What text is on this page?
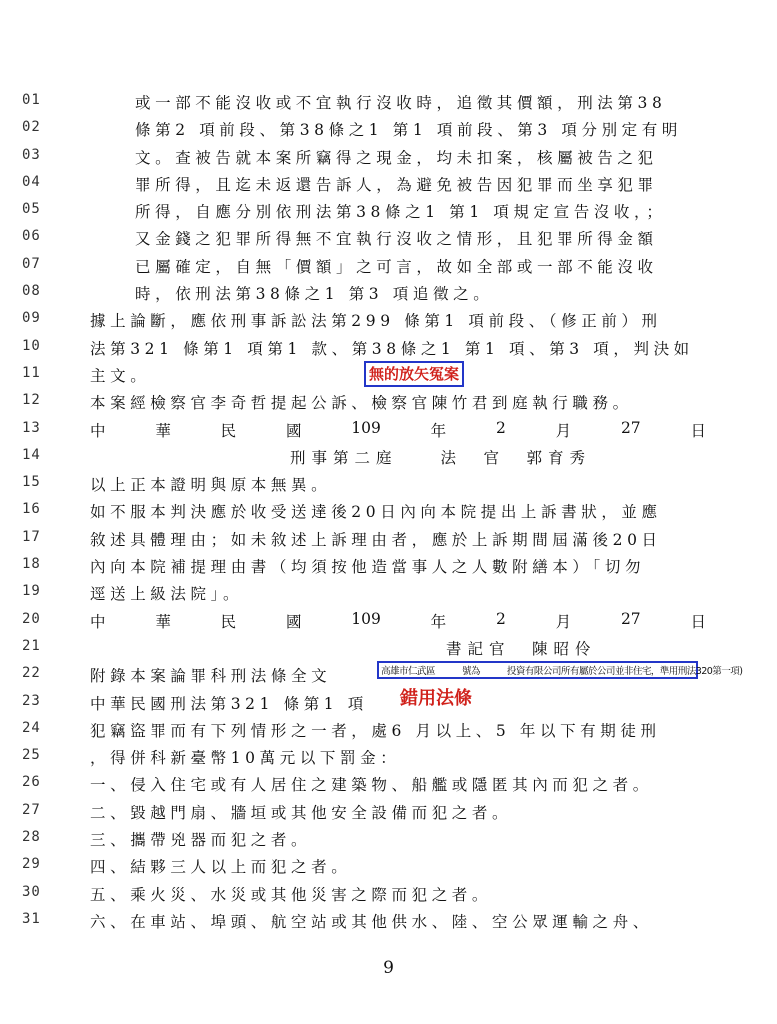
01	或一部不能沒收或不宜執行沒收時，追徵其價額，刑法第38
02	條第2 項前段、第38條之1 第1 項前段、第3 項分別定有明
03	文。查被告就本案所竊得之現金，均未扣案，核屬被告之犯
04	罪所得，且迄未返還告訴人，為避免被告因犯罪而坐享犯罪
05	所得，自應分別依刑法第38條之1 第1 項規定宣告沒收，；
06	又金錢之犯罪所得無不宜執行沒收之情形，且犯罪所得金額
07	已屬確定，自無「價額」之可言，故如全部或一部不能沒收
08	時，依刑法第38條之1 第3 項追徵之。
09	據上論斷，應依刑事訴訟法第299 條第1 項前段、（修正前）刑
10	法第321 條第1 項第1 款、第38條之1 第1 項、第3 項，判決如
11	主文。
12	本案經檢察官李奇哲提起公訴、檢察官陳竹君到庭執行職務。
13	中	華	民	國	109	年	2	月	27	日
14	刑事第二庭　　法　官　郭育秀
15	以上正本證明與原本無異。
16	如不服本判決應於收受送達後20日內向本院提出上訴書狀，並應
17	敘述具體理由；如未敘述上訴理由者，應於上訴期間屆滿後20日
18	內向本院補提理由書（均須按他造當事人之人數附繕本）「切勿
19	逕送上級法院」。
20	中	華	民	國	109	年	2	月	27	日
21	書記官　陳昭伶
22	附錄本案論罪科刑法條全文
23	中華民國刑法第321 條第1 項
24	犯竊盜罪而有下列情形之一者，處6 月以上、5 年以下有期徒刑
25	，得併科新臺幣10萬元以下罰金：
26	一、侵入住宅或有人居住之建築物、船艦或隱匿其內而犯之者。
27	二、毀越門扇、牆垣或其他安全設備而犯之者。
28	三、攜帶兇器而犯之者。
29	四、結夥三人以上而犯之者。
30	五、乘火災、水災或其他災害之際而犯之者。
31	六、在車站、埠頭、航空站或其他供水、陸、空公眾運輸之舟、
無的放矢冤案
高雄市仁武區　　　號為　　　投資有限公司所有屬於公司並非住宅，準用刑法320第一項)
錯用法條
9
